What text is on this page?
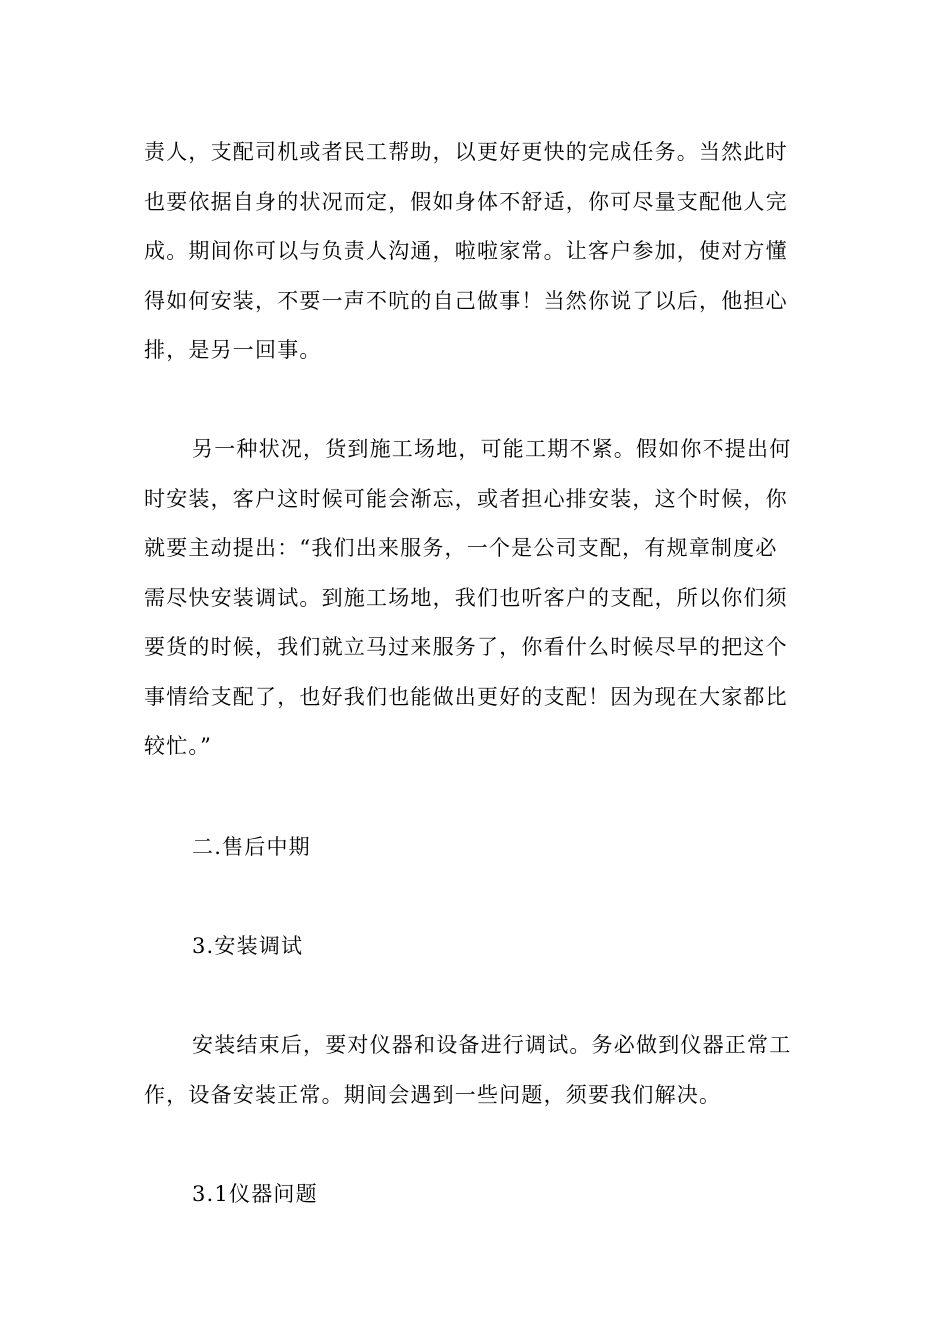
责人，支配司机或者民工帮助，以更好更快的完成任务。当然此时
也要依据自身的状况而定，假如身体不舒适，你可尽量支配他人完
成。期间你可以与负责人沟通，啦啦家常。让客户参加，使对方懂
得如何安装，不要一声不吭的自己做事！当然你说了以后，他担心
排，是另一回事。
另一种状况，货到施工场地，可能工期不紧。假如你不提出何
时安装，客户这时候可能会渐忘，或者担心排安装，这个时候，你
就要主动提出：“我们出来服务，一个是公司支配，有规章制度必
需尽快安装调试。到施工场地，我们也听客户的支配，所以你们须
要货的时候，我们就立马过来服务了，你看什么时候尽早的把这个
事情给支配了，也好我们也能做出更好的支配！因为现在大家都比
较忙。”
二.售后中期
3.安装调试
安装结束后，要对仪器和设备进行调试。务必做到仪器正常工
作，设备安装正常。期间会遇到一些问题，须要我们解决。
3.1仪器问题
